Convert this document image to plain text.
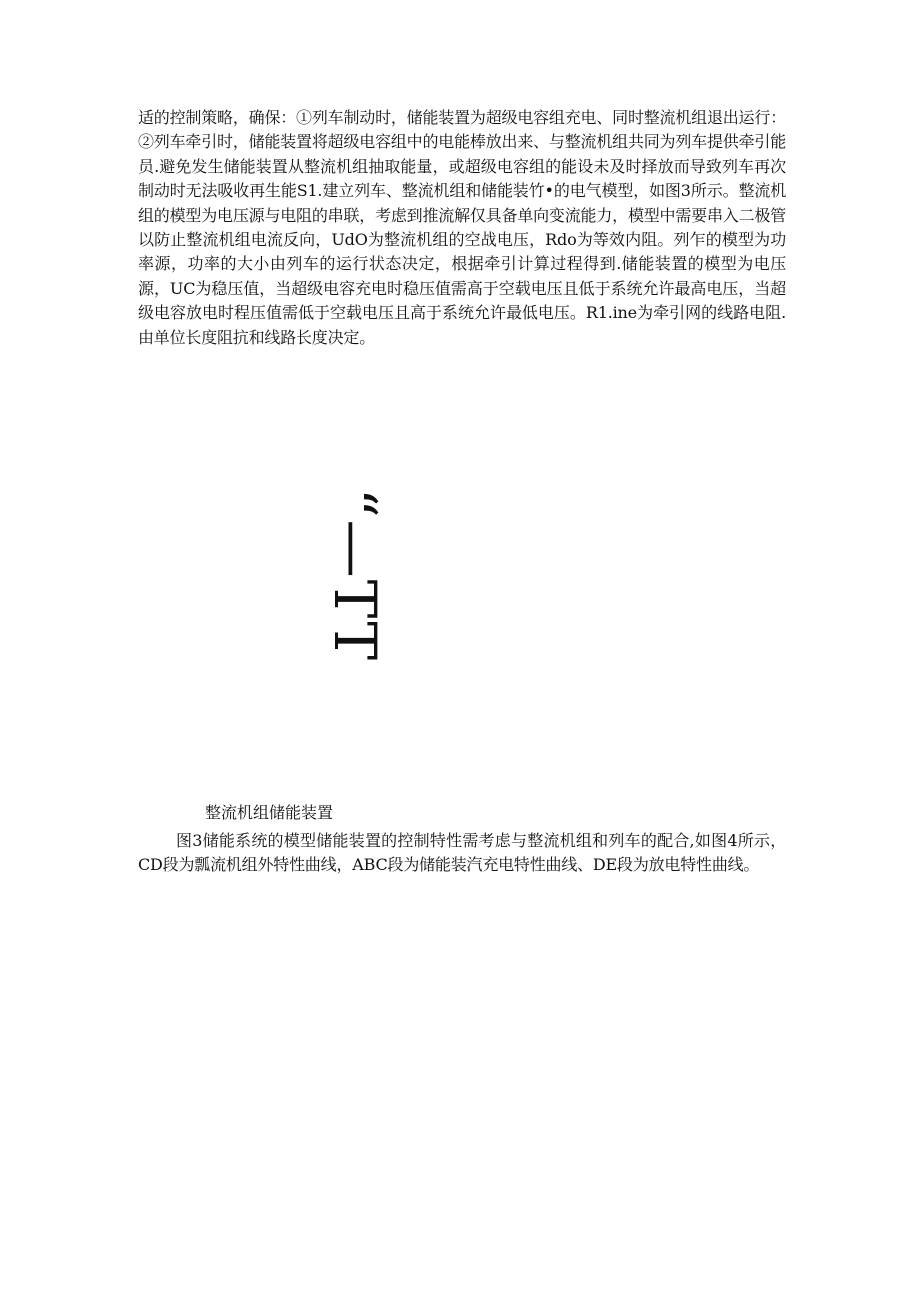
适的控制策略，确保：①列车制动时，储能装置为超级电容组充电、同时整流机组退出运行：②列车牵引时，储能装置将超级电容组中的电能棒放出来、与整流机组共同为列车提供牵引能员.避免发生储能装置从整流机组抽取能量，或超级电容组的能设未及时择放而导致列车再次制动时无法吸收再生能S1.建立列车、整流机组和储能装竹•的电气模型，如图3所示。整流机组的模型为电压源与电阻的串联，考虑到推流解仅具备单向变流能力，模型中需要串入二极管以防止整流机组电流反向，UdO为整流机组的空战电压，Rdo为等效内阻。列乍的模型为功率源，功率的大小由列车的运行状态决定，根据牵引计算过程得到.储能装置的模型为电压源，UC为稳压值，当超级电容充电时稳压值需高于空载电压且低于系统允许最高电压，当超级电容放电时程压值需低于空载电压且高于系统允许最低电压。R1.ine为牵引网的线路电阻.由单位长度阻抗和线路长度决定。

“—TT

整流机组储能装置

图3储能系统的模型储能装置的控制特性需考虑与整流机组和列车的配合,如图4所示，CD段为瓢流机组外特性曲线，ABC段为储能装汽充电特性曲线、DE段为放电特性曲线。
